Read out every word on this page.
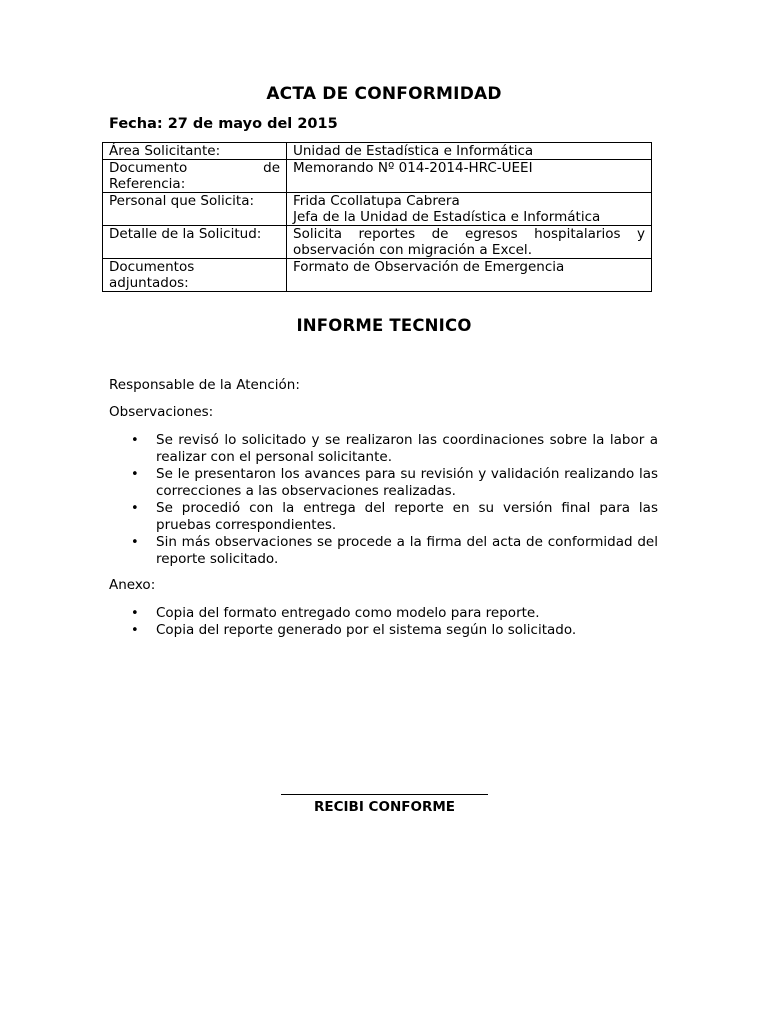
ACTA DE CONFORMIDAD
Fecha: 27 de mayo del 2015
Área Solicitante:	Unidad de Estadística e Informática

Documento de
Referencia:	Memorando Nº 014-2014-HRC-UEEI
Personal que Solicita:	Frida Ccollatupa Cabrera
Jefa de la Unidad de Estadística e Informática

Detalle de la Solicitud:	Solicita reportes de egresos hospitalarios y
observación con migración a Excel.

Documentos
adjuntados:	Formato de Observación de Emergencia
INFORME TECNICO
Responsable de la Atención:
Observaciones:
• Se revisó lo solicitado y se realizaron las coordinaciones sobre la labor a realizar con el personal solicitante.
• Se le presentaron los avances para su revisión y validación realizando las correcciones a las observaciones realizadas.
• Se procedió con la entrega del reporte en su versión final para las pruebas correspondientes.
• Sin más observaciones se procede a la firma del acta de conformidad del reporte solicitado.
Anexo:
• Copia del formato entregado como modelo para reporte.
• Copia del reporte generado por el sistema según lo solicitado.
RECIBI CONFORME
